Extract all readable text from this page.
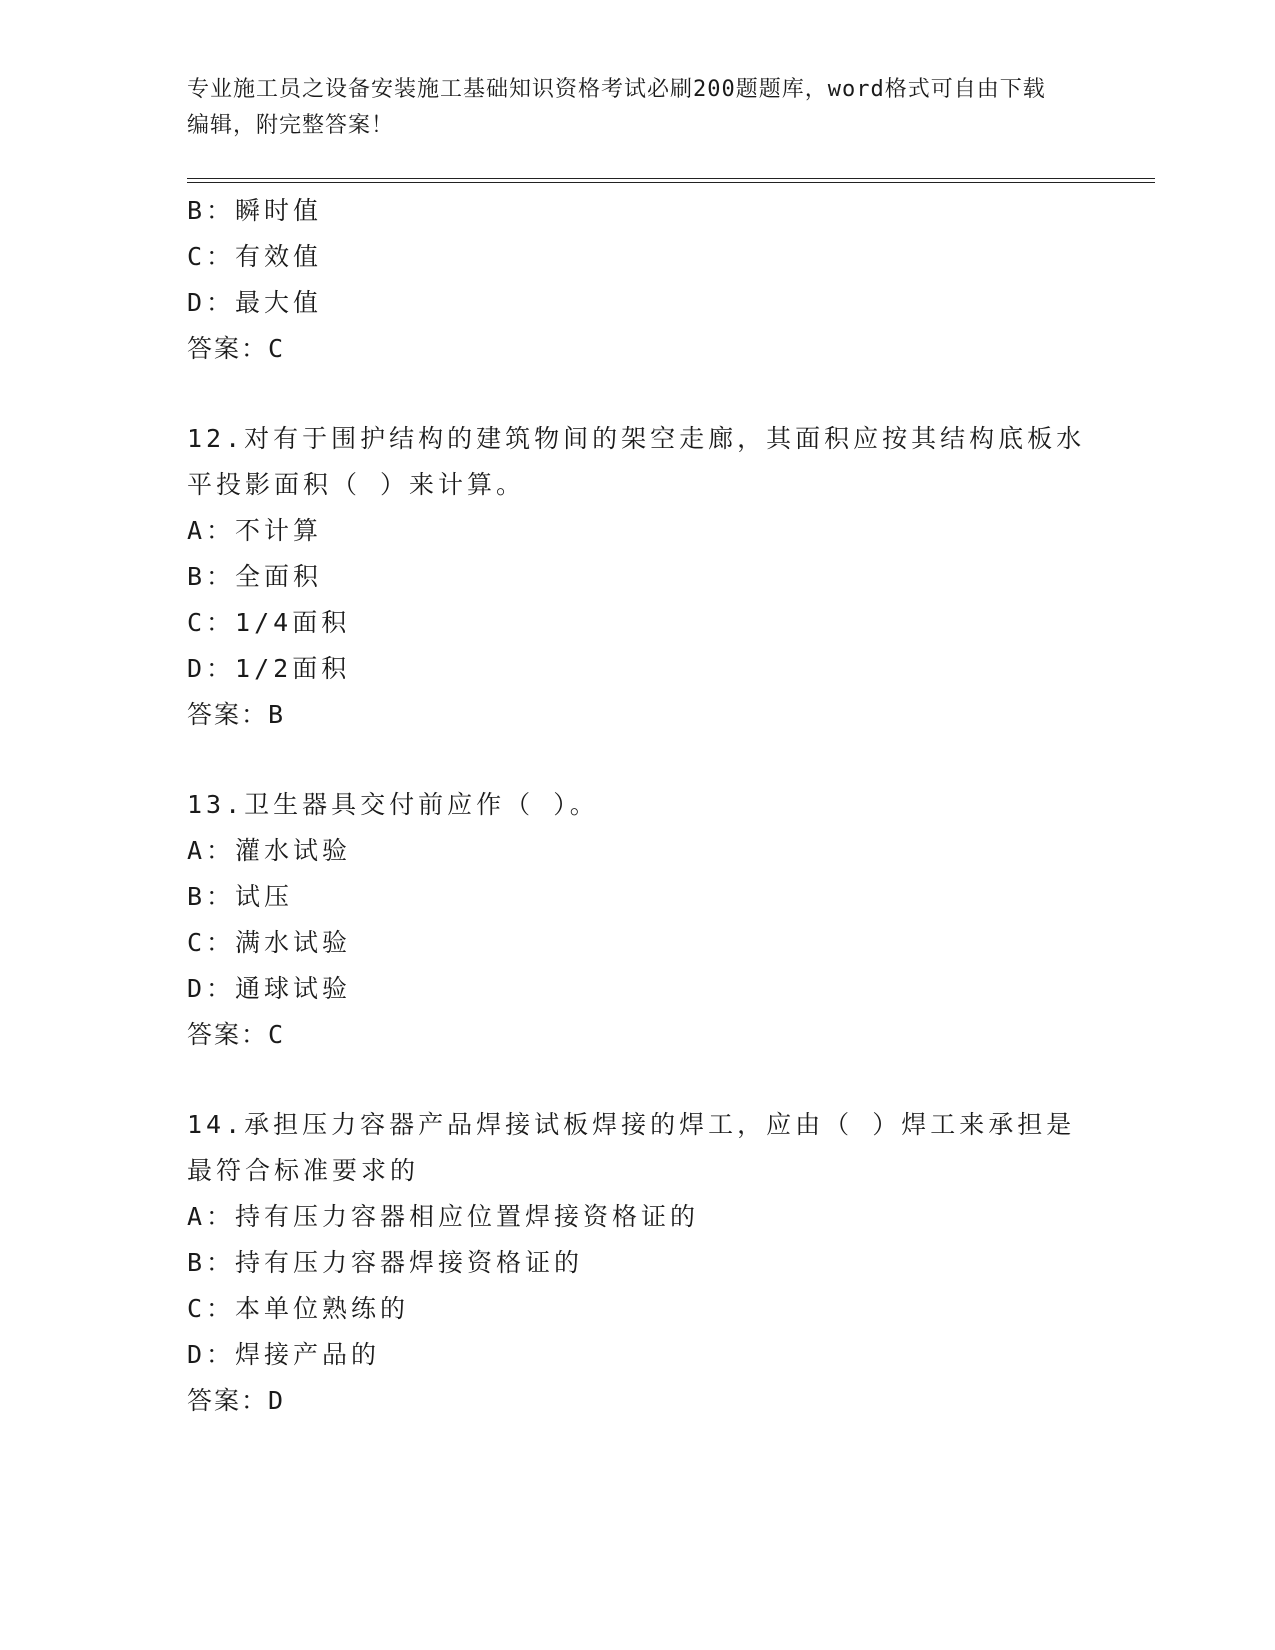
专业施工员之设备安装施工基础知识资格考试必刷200题题库，word格式可自由下载编辑，附完整答案！
B：瞬时值
C：有效值
D：最大值
答案：C
12.对有于围护结构的建筑物间的架空走廊，其面积应按其结构底板水平投影面积（ ）来计算。
A：不计算
B：全面积
C：1/4面积
D：1/2面积
答案：B
13.卫生器具交付前应作（ ）。
A：灌水试验
B：试压
C：满水试验
D：通球试验
答案：C
14.承担压力容器产品焊接试板焊接的焊工，应由（ ）焊工来承担是最符合标准要求的
A：持有压力容器相应位置焊接资格证的
B：持有压力容器焊接资格证的
C：本单位熟练的
D：焊接产品的
答案：D
